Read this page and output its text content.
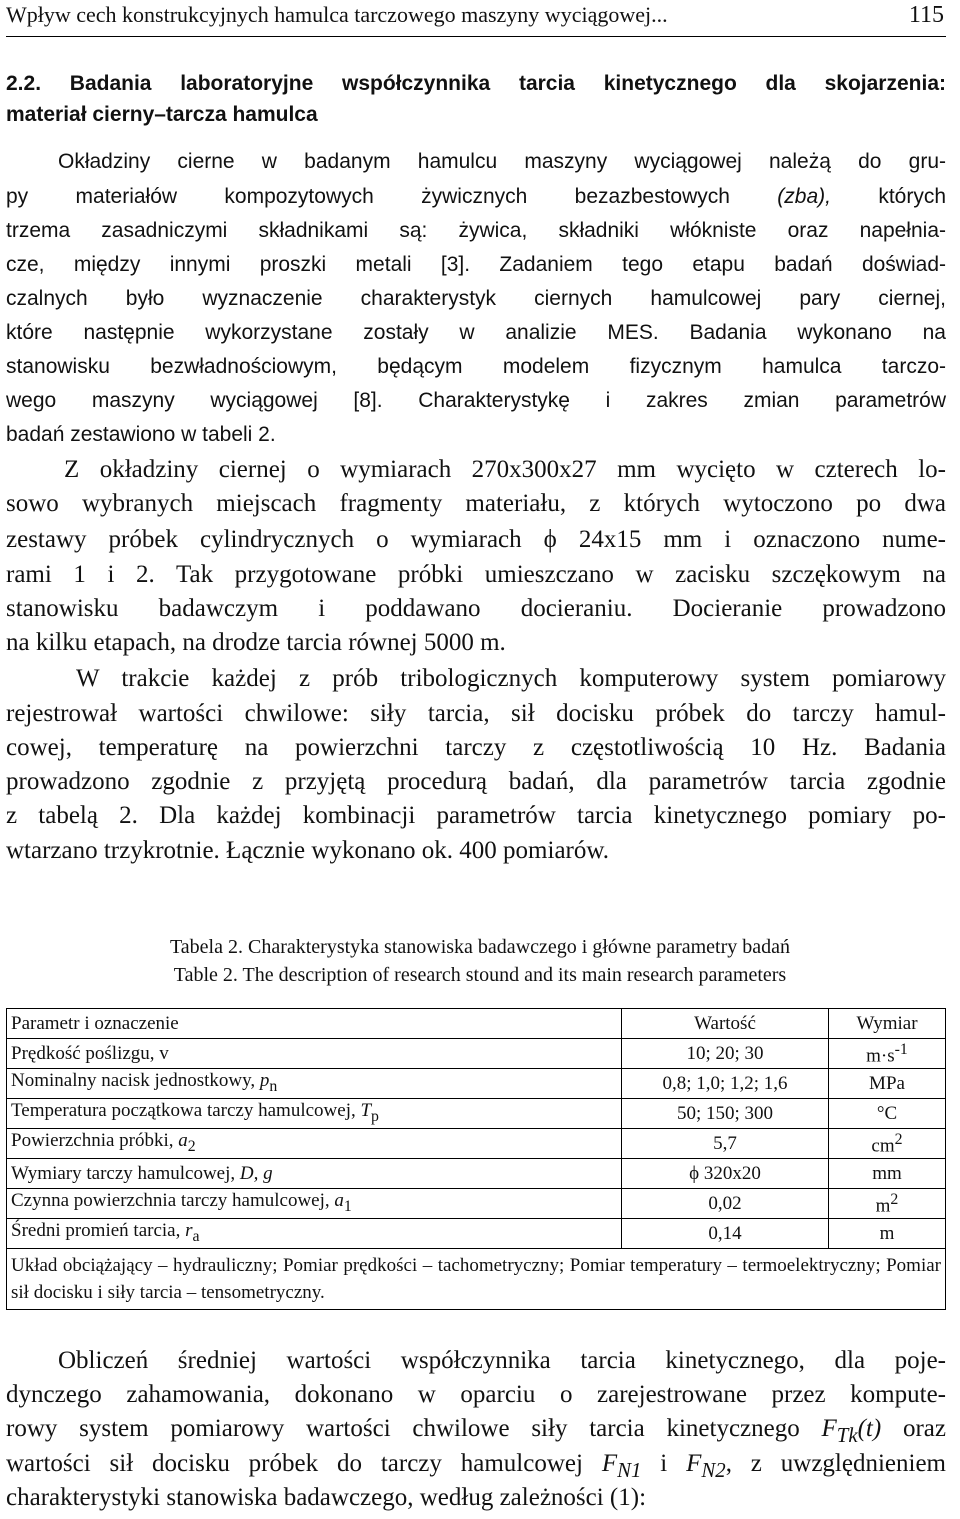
Wpływ cech konstrukcyjnych hamulca tarczowego maszyny wyciągowej...	115
2.2. Badania laboratoryjne współczynnika tarcia kinetycznego dla skojarzenia:
materiał cierny–tarcza hamulca
Okładziny cierne w badanym hamulcu maszyny wyciągowej należą do gru-
py materiałów kompozytowych żywicznych bezazbestowych (zba), których
trzema zasadniczymi składnikami są: żywica, składniki włókniste oraz napełnia-
cze, między innymi proszki metali [3]. Zadaniem tego etapu badań doświad-
czalnych było wyznaczenie charakterystyk ciernych hamulcowej pary ciernej,
które następnie wykorzystane zostały w analizie MES. Badania wykonano na
stanowisku bezwładnościowym, będącym modelem fizycznym hamulca tarczo-
wego maszyny wyciągowej [8]. Charakterystykę i zakres zmian parametrów
badań zestawiono w tabeli 2.
Z okładziny ciernej o wymiarach 270x300x27 mm wycięto w czterech lo-
sowo wybranych miejscach fragmenty materiału, z których wytoczono po dwa
zestawy próbek cylindrycznych o wymiarach ϕ 24x15 mm i oznaczono nume-
rami 1 i 2. Tak przygotowane próbki umieszczano w zacisku szczękowym na
stanowisku badawczym i poddawano docieraniu. Docieranie prowadzono
na kilku etapach, na drodze tarcia równej 5000 m.
W trakcie każdej z prób tribologicznych komputerowy system pomiarowy
rejestrował wartości chwilowe: siły tarcia, sił docisku próbek do tarczy hamul-
cowej, temperaturę na powierzchni tarczy z częstotliwością 10 Hz. Badania
prowadzono zgodnie z przyjętą procedurą badań, dla parametrów tarcia zgodnie
z tabelą 2. Dla każdej kombinacji parametrów tarcia kinetycznego pomiary po-
wtarzano trzykrotnie. Łącznie wykonano ok. 400 pomiarów.
Tabela 2. Charakterystyka stanowiska badawczego i główne parametry badań
Table 2. The description of research stound and its main research parameters
Parametr i oznaczenie	Wartość	Wymiar
Prędkość poślizgu, v	10; 20; 30	$m\cdot s^{-1}$
Nominalny nacisk jednostkowy, $p_n$	0,8; 1,0; 1,2; 1,6	MPa
Temperatura początkowa tarczy hamulcowej, $T_p$	50; 150; 300	°C
Powierzchnia próbki, $a_2$	5,7	$cm^2$
Wymiary tarczy hamulcowej, D, g	ϕ 320x20	mm
Czynna powierzchnia tarczy hamulcowej, $a_1$	0,02	$m^2$
Średni promień tarcia, $r_a$	0,14	m
Układ obciążający – hydrauliczny; Pomiar prędkości – tachometryczny; Pomiar temperatury – termoelektryczny; Pomiar sił docisku i siły tarcia – tensometryczny.		
Obliczeń średniej wartości współczynnika tarcia kinetycznego, dla poje-
dynczego zahamowania, dokonano w oparciu o zarejestrowane przez kompute-
rowy system pomiarowy wartości chwilowe siły tarcia kinetycznego $F_{Tk}(t)$ oraz
wartości sił docisku próbek do tarczy hamulcowej $F_{N1}$ i $F_{N2}$, z uwzględnieniem
charakterystyki stanowiska badawczego, według zależności (1):
